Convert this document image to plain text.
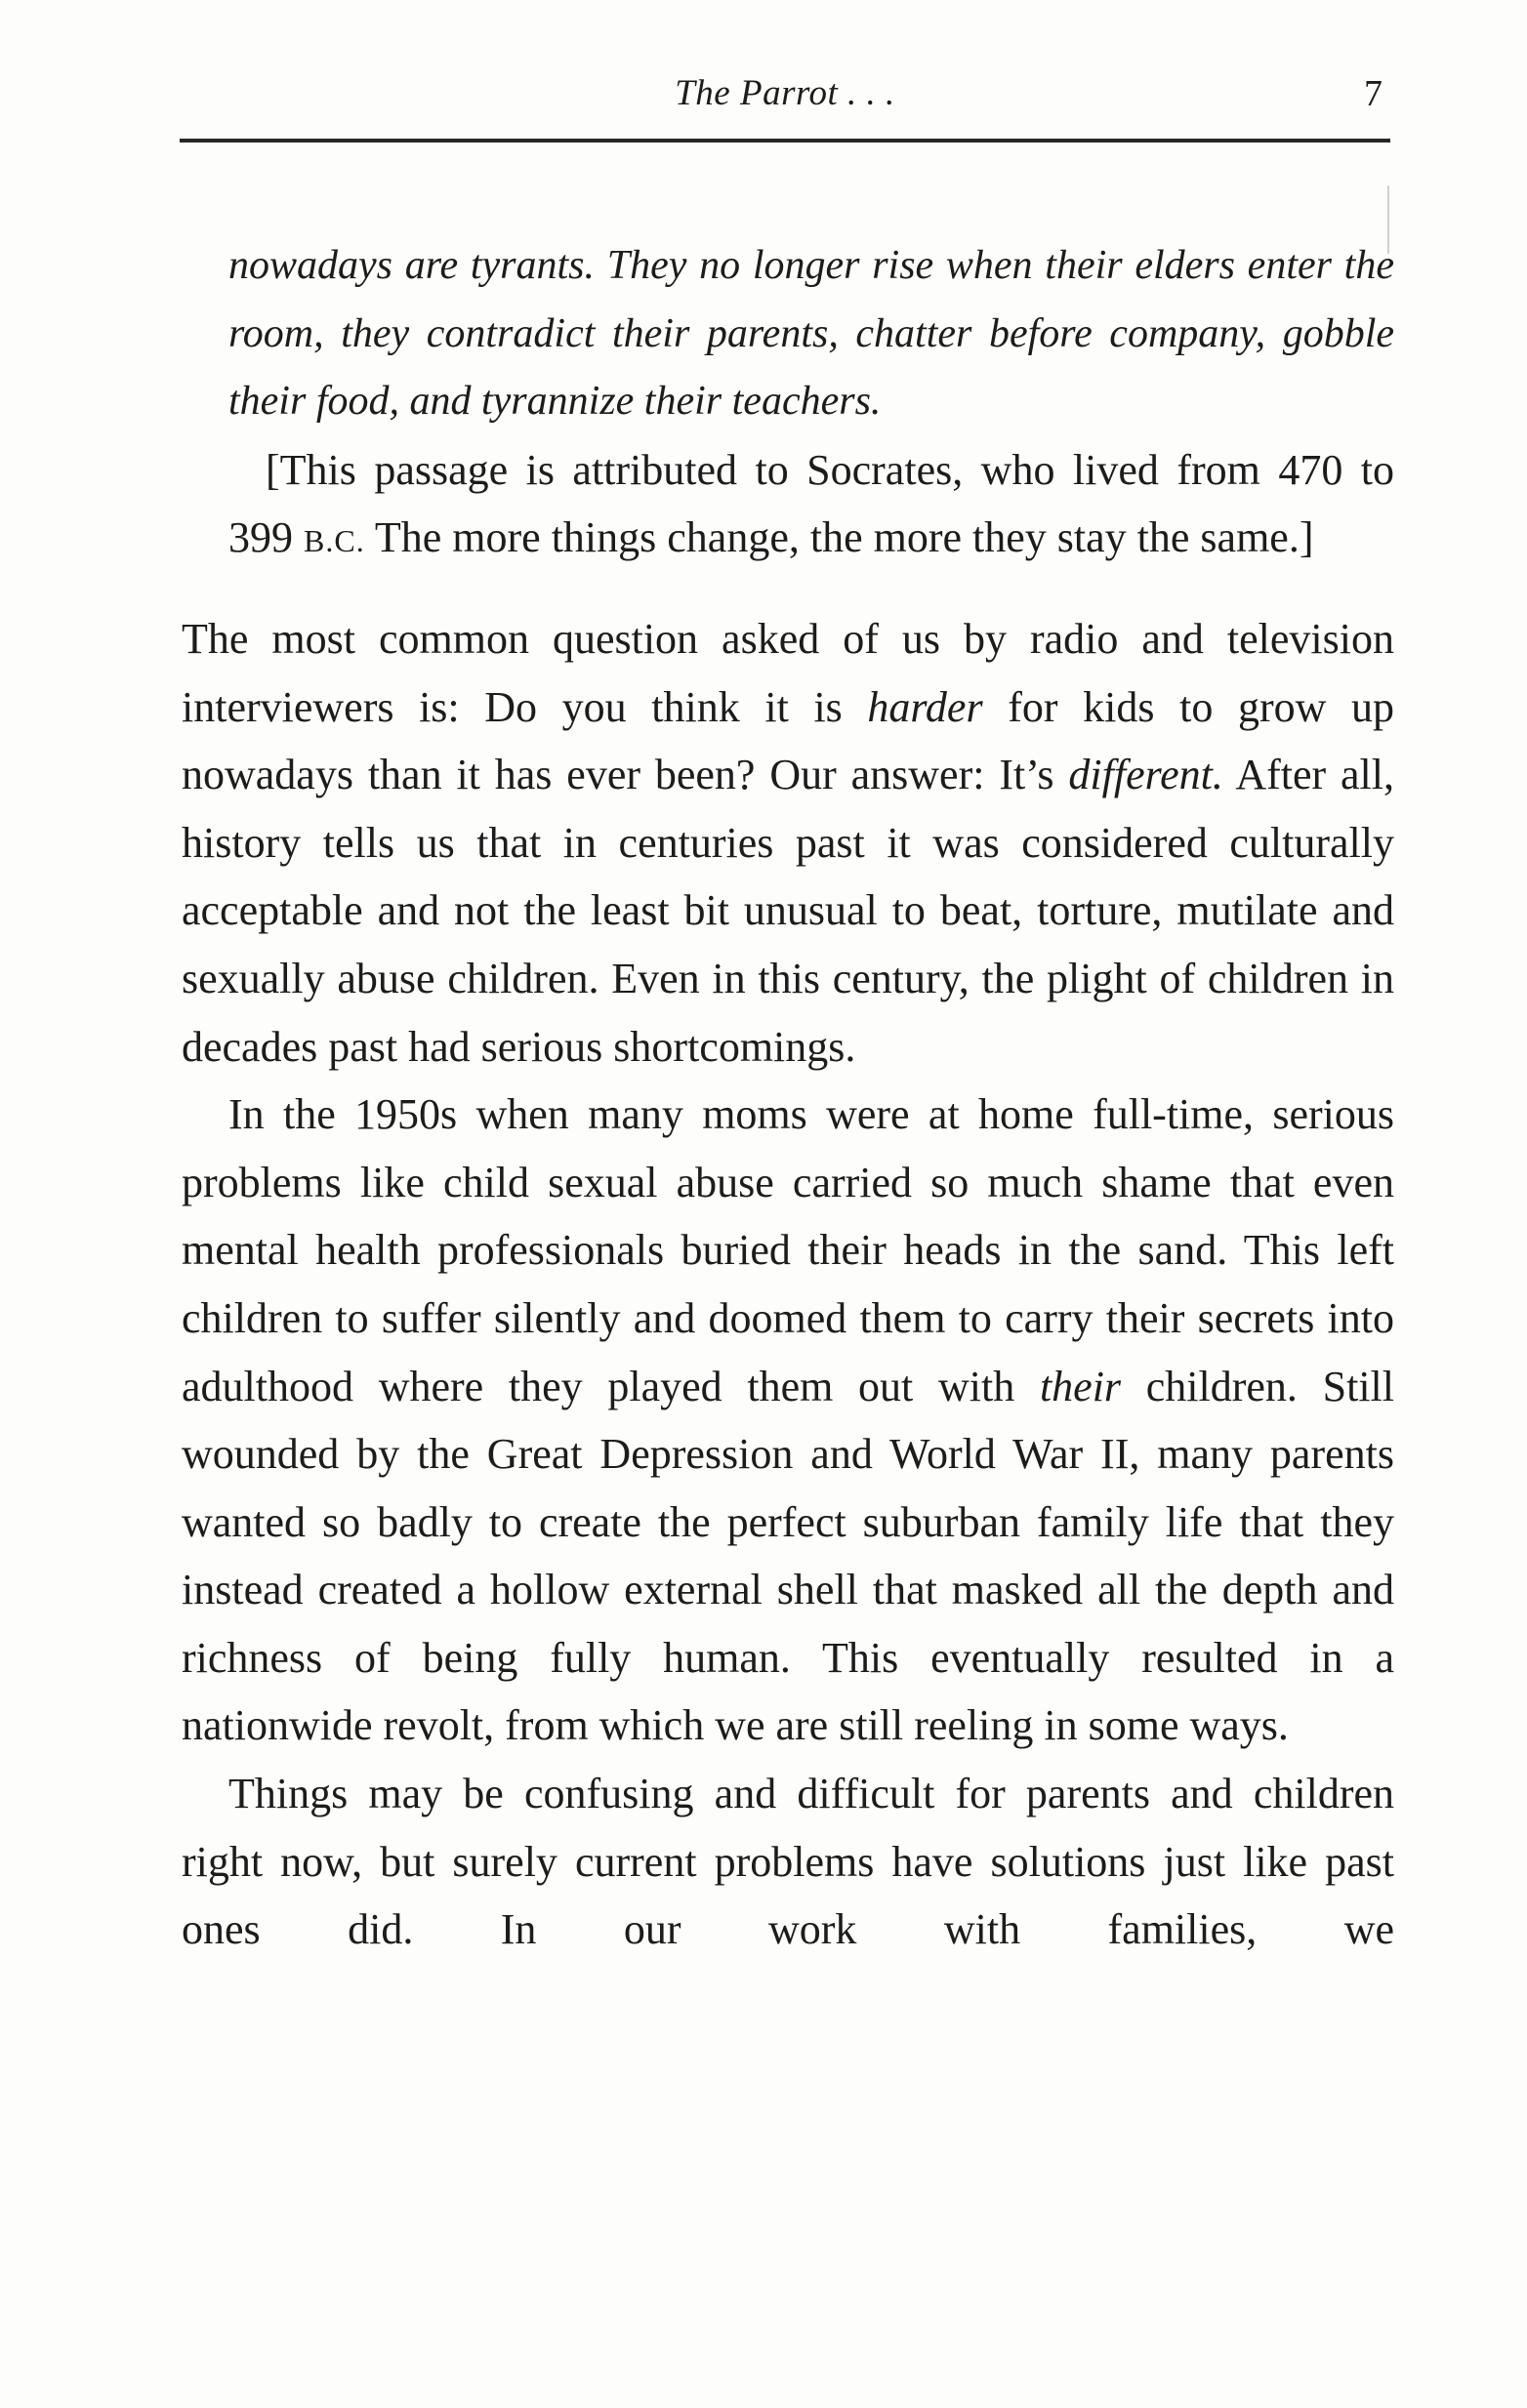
The Parrot . . .	7

nowadays are tyrants. They no longer rise when their elders enter the room, they contradict their parents, chatter before company, gobble their food, and tyrannize their teachers.

[This passage is attributed to Socrates, who lived from 470 to 399 B.C. The more things change, the more they stay the same.]

The most common question asked of us by radio and television interviewers is: Do you think it is harder for kids to grow up nowadays than it has ever been? Our answer: It’s different. After all, history tells us that in centuries past it was considered culturally acceptable and not the least bit unusual to beat, torture, mutilate and sexually abuse children. Even in this century, the plight of children in decades past had serious shortcomings.

In the 1950s when many moms were at home full-time, serious problems like child sexual abuse carried so much shame that even mental health professionals buried their heads in the sand. This left children to suffer silently and doomed them to carry their secrets into adulthood where they played them out with their children. Still wounded by the Great Depression and World War II, many parents wanted so badly to create the perfect suburban family life that they instead created a hollow external shell that masked all the depth and richness of being fully human. This eventually resulted in a nationwide revolt, from which we are still reeling in some ways.

Things may be confusing and difficult for parents and children right now, but surely current problems have solutions just like past ones did. In our work with families, we
